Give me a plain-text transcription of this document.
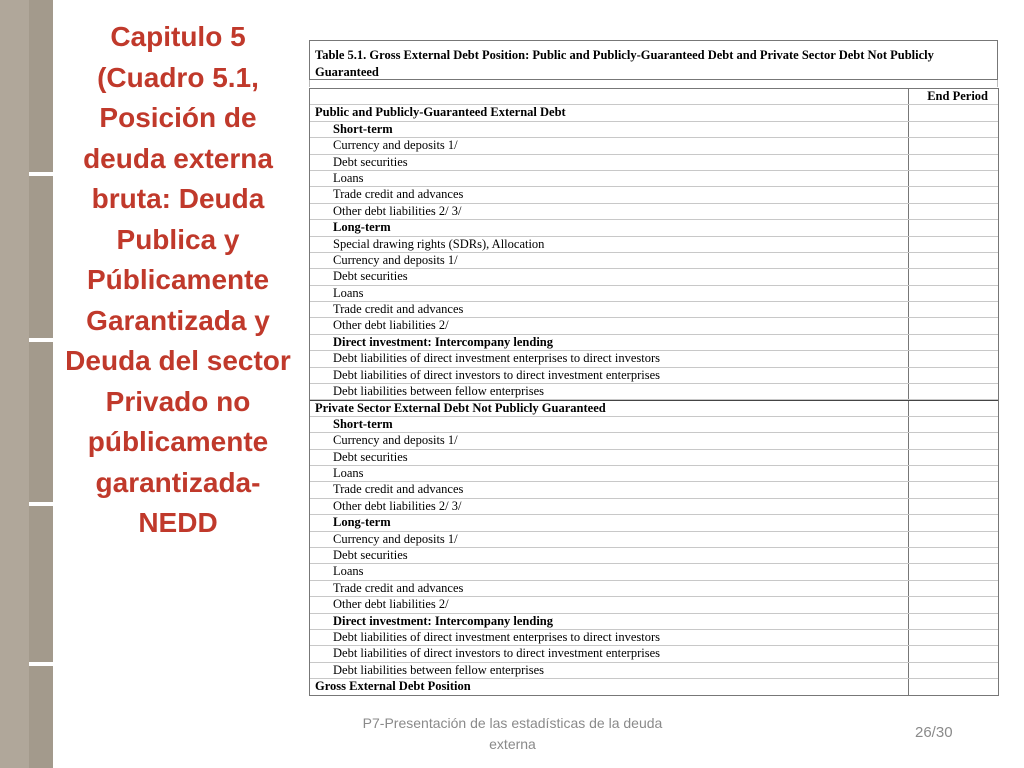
Capitulo 5 (Cuadro 5.1, Posición de deuda externa bruta: Deuda Publica y Públicamente Garantizada y Deuda del sector Privado no públicamente garantizada- NEDD
Table 5.1. Gross External Debt Position: Public and Publicly-Guaranteed Debt and Private Sector Debt Not Publicly Guaranteed
End Period
Public and Publicly-Guaranteed External Debt
Short-term
Currency and deposits 1/
Debt securities
Loans
Trade credit and advances
Other debt liabilities 2/ 3/
Long-term
Special drawing rights (SDRs), Allocation
Currency and deposits 1/
Debt securities
Loans
Trade credit and advances
Other debt liabilities 2/
Direct investment: Intercompany lending
Debt liabilities of direct investment enterprises to direct investors
Debt liabilities of direct investors to direct investment enterprises
Debt liabilities between fellow enterprises
Private Sector External Debt Not Publicly Guaranteed
Short-term
Currency and deposits 1/
Debt securities
Loans
Trade credit and advances
Other debt liabilities 2/ 3/
Long-term
Currency and deposits 1/
Debt securities
Loans
Trade credit and advances
Other debt liabilities 2/
Direct investment: Intercompany lending
Debt liabilities of direct investment enterprises to direct investors
Debt liabilities of direct investors to direct investment enterprises
Debt liabilities between fellow enterprises
Gross External Debt Position

P7-Presentación de las estadísticas de la deuda externa

26/30
